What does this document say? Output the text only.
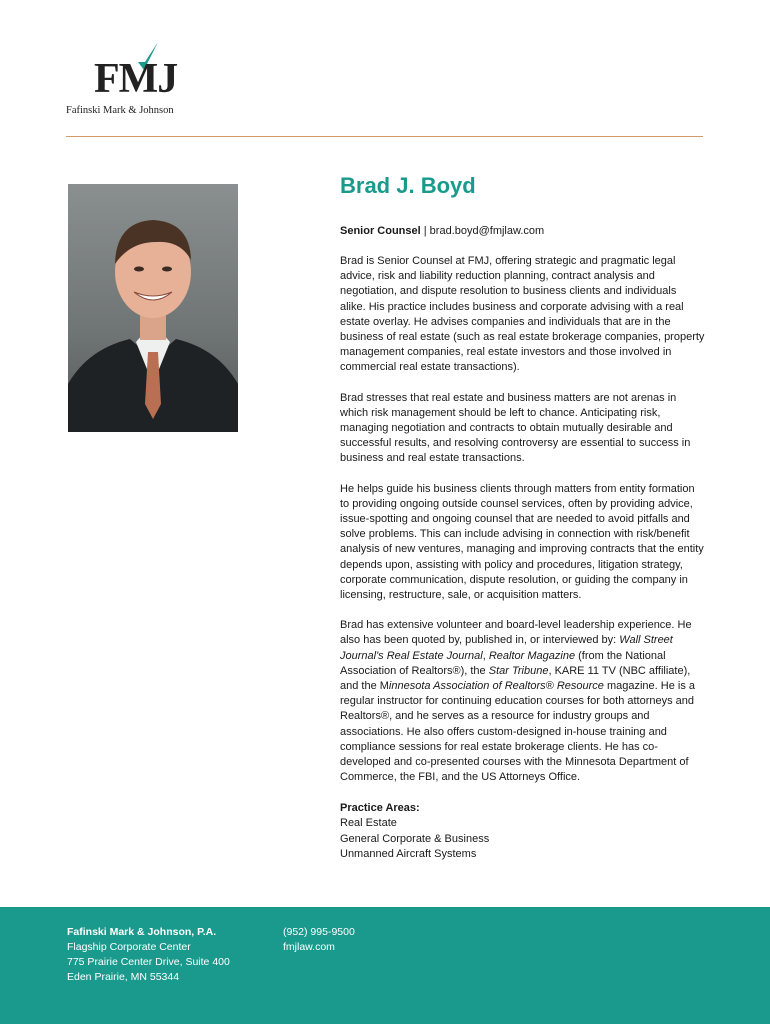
FMJ
Fafinski Mark & Johnson
Brad J. Boyd
Senior Counsel | brad.boyd@fmjlaw.com

Brad is Senior Counsel at FMJ, offering strategic and pragmatic legal advice, risk and liability reduction planning, contract analysis and negotiation, and dispute resolution to business clients and individuals alike. His practice includes business and corporate advising with a real estate overlay. He advises companies and individuals that are in the business of real estate (such as real estate brokerage companies, property management companies, real estate investors and those involved in commercial real estate transactions).

Brad stresses that real estate and business matters are not arenas in which risk management should be left to chance. Anticipating risk, managing negotiation and contracts to obtain mutually desirable and successful results, and resolving controversy are essential to success in business and real estate transactions.

He helps guide his business clients through matters from entity formation to providing ongoing outside counsel services, often by providing advice, issue-spotting and ongoing counsel that are needed to avoid pitfalls and solve problems. This can include advising in connection with risk/benefit analysis of new ventures, managing and improving contracts that the entity depends upon, assisting with policy and procedures, litigation strategy, corporate communication, dispute resolution, or guiding the company in licensing, restructure, sale, or acquisition matters.

Brad has extensive volunteer and board-level leadership experience. He also has been quoted by, published in, or interviewed by: Wall Street Journal's Real Estate Journal, Realtor Magazine (from the National Association of Realtors®), the Star Tribune, KARE 11 TV (NBC affiliate), and the Minnesota Association of Realtors® Resource magazine. He is a regular instructor for continuing education courses for both attorneys and Realtors®, and he serves as a resource for industry groups and associations. He also offers custom-designed in-house training and compliance sessions for real estate brokerage clients. He has co-developed and co-presented courses with the Minnesota Department of Commerce, the FBI, and the US Attorneys Office.

Practice Areas:
Real Estate
General Corporate & Business
Unmanned Aircraft Systems
Fafinski Mark & Johnson, P.A.
Flagship Corporate Center
775 Prairie Center Drive, Suite 400
Eden Prairie, MN 55344
(952) 995-9500
fmjlaw.com
